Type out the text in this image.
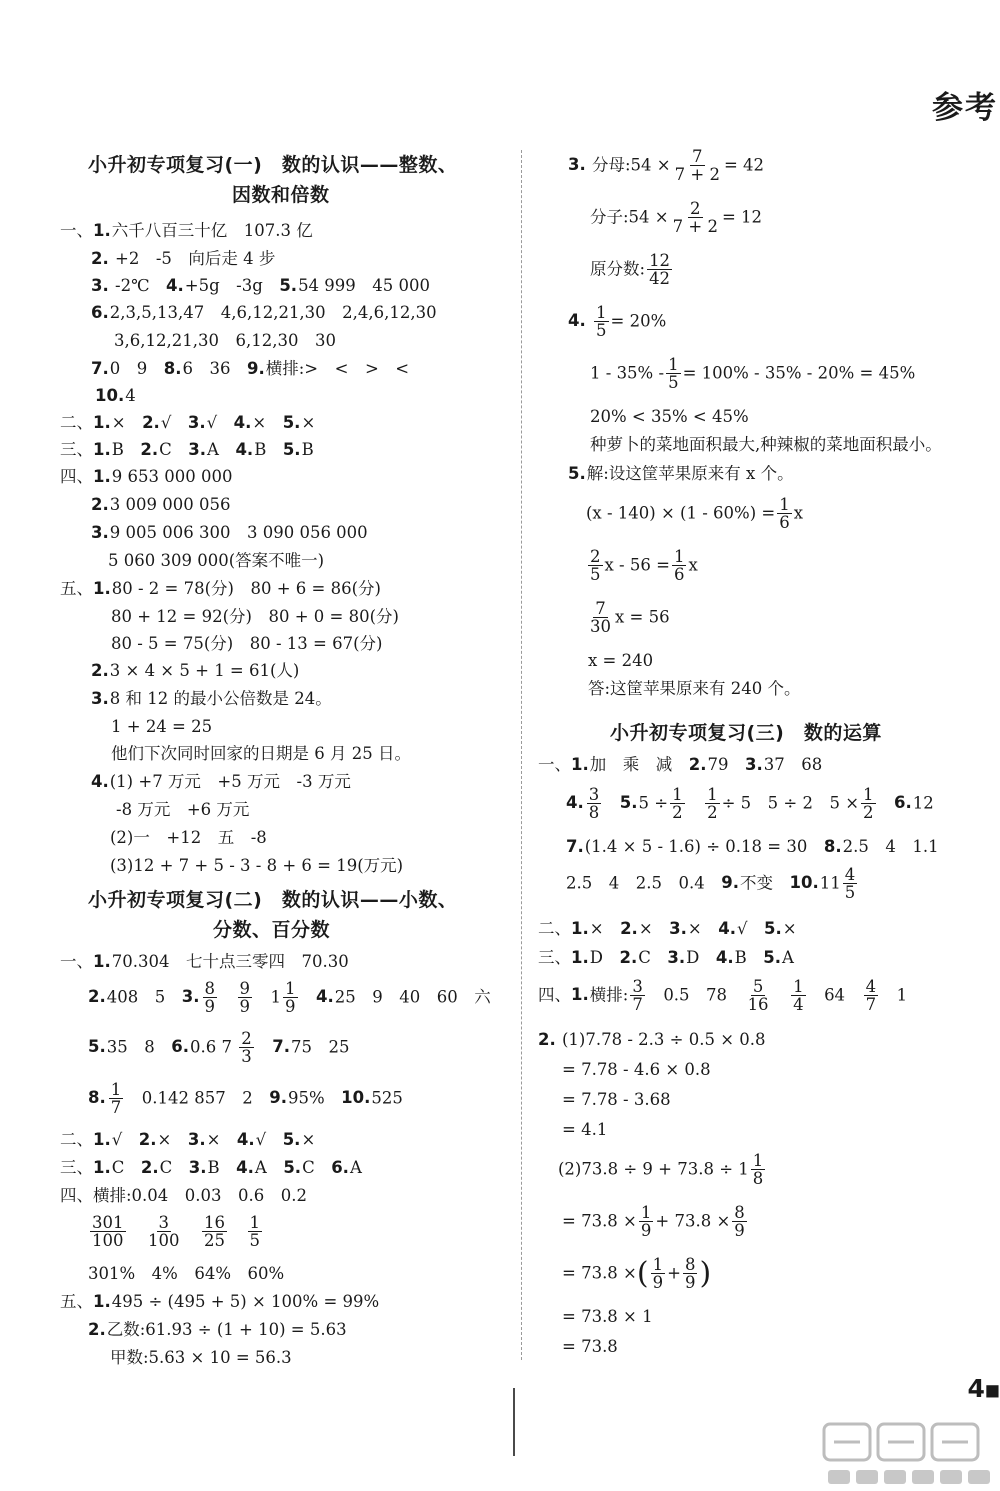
参考
4■
小升初专项复习(一)　数的认识——整数、
因数和倍数
一、1.六千八百三十亿　107.3 亿
2. +2　-5　向后走 4 步
3. -2℃　 4.+5g　-3g　 5.54 999　45 000
6.2,3,5,13,47　4,6,12,21,30　2,4,6,12,30
3,6,12,21,30　6,12,30　30
7.0　9　 8.6　36　 9.横排:>　<　>　<
10.4
二、1.×　 2.√　 3.√　 4.×　 5.×
三、1.B　 2.C　 3.A　 4.B　 5.B
四、1.9 653 000 000
2.3 009 000 056
3.9 005 006 300　3 090 056 000
5 060 309 000(答案不唯一)
五、1.80 - 2 = 78(分)　80 + 6 = 86(分)
80 + 12 = 92(分)　80 + 0 = 80(分)
80 - 5 = 75(分)　80 - 13 = 67(分)
2.3 × 4 × 5 + 1 = 61(人)
3.8 和 12 的最小公倍数是 24。
1 + 24 = 25
他们下次同时回家的日期是 6 月 25 日。
4.(1) +7 万元　+5 万元　-3 万元
-8 万元　+6 万元
(2)一　+12　五　-8
(3)12 + 7 + 5 - 3 - 8 + 6 = 19(万元)
小升初专项复习(二)　数的认识——小数、
分数、百分数
一、1.70.304　七十点三零四　70.30
2.408　5　 3. $\frac{8}{9}$
　 $\frac{9}{9}$
　 $1 \frac{1}{9}$
　 4.25　9　40　60　六
5.35　8　 6.0.6 $7 \frac{2}{3}$
　 7.75　25
8. $\frac{1}{7}$
　 0.142 857　2　 9.95%　 10.525
二、1.√　 2.×　 3.×　 4.√　 5.×
三、1.C　 2.C　 3.B　 4.A　 5.C　 6.A
四、横排:0.04　0.03　0.6　0.2
$\frac{301}{100}$
　 $\frac{3}{100}$
　 $\frac{16}{25}$
　 $\frac{1}{5}$
301%　4%　64%　60%
五、1.495 ÷ (495 + 5) × 100% = 99%
2.乙数:61.93 ÷ (1 + 10) = 5.63
甲数:5.63 × 10 = 56.3
3. 分母:54 × $\frac{7}{7 + 2} = 42$
分子:54 × $\frac{2}{7 + 2} = 12$
原分数: $\frac{12}{42}$
4. $\frac{1}{5} = 20\%$
$1 - 35\% - \frac{1}{5} = 100\% - 35\% - 20\% = 45\%$
20% < 35% < 45%
种萝卜的菜地面积最大,种辣椒的菜地面积最小。
5.解:设这筐苹果原来有 x 个。
$(x - 140) \times (1 - 60\%) = \frac{1}{6}$ x
$\frac{2}{5}$ $x - 56 = \frac{1}{6}$ x
$\frac{7}{30}$ x = 56
x = 240
答:这筐苹果原来有 240 个。
小升初专项复习(三)　数的运算
一、1.加　乘　减　 2.79　 3.37　68
4. $\frac{3}{8}$
　 $5.5 \div \frac{1}{2}$
　 $\frac{1}{2} \div 5$　5 ÷ 2　$5 \times \frac{1}{2}$
　 6.12
7.(1.4 × 5 - 1.6) ÷ 0.18 = 30　 8.2.5　4　1.1
2.5　4　2.5　0.4　 9.不变　 $10.11 \frac{4}{5}$
二、1.×　 2.×　 3.×　 4.√　 5.×
三、1.D　 2.C　 3.D　 4.B　 5.A
四、1.横排: $\frac{3}{7}$
　 0.5　78　 $\frac{5}{16}$
　 $\frac{1}{4}$
　 64　 $\frac{4}{7}$
　 1
2. (1)7.78 - 2.3 ÷ 0.5 × 0.8
= 7.78 - 4.6 × 0.8
= 7.78 - 3.68
= 4.1
$(2)73.8 \div 9 + 73.8 \div 1 \frac{1}{8}$
= $73.8 \times \frac{1}{9} + 73.8 \times \frac{8}{9}$
= 73.8 ×( $\frac{1}{9} + \frac{8}{9}$ )
= 73.8 × 1
= 73.8
